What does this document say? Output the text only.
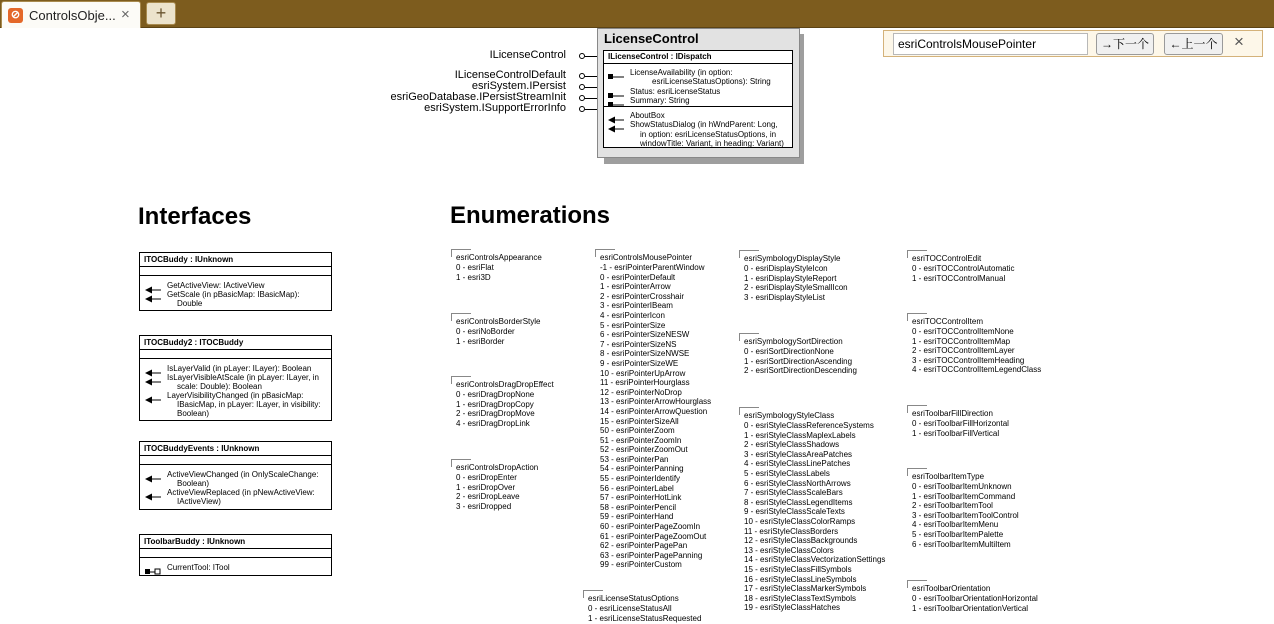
⊘ ControlsObje... ×	+
esriControlsMousePointer
→下一个	←上一个 ×
ILicenseControl
ILicenseControlDefault
esriSystem.IPersist
esriGeoDatabase.IPersistStreamInit
esriSystem.ISupportErrorInfo
LicenseControl
ILicenseControl : IDispatch
LicenseAvailability (in option:
esriLicenseStatusOptions): String
Status: esriLicenseStatus
Summary: String
AboutBox
ShowStatusDialog (in hWndParent: Long,
in option: esriLicenseStatusOptions, in
windowTitle: Variant, in heading: Variant)
Interfaces	Enumerations
ITOCBuddy : IUnknown
GetActiveView: IActiveView
GetScale (in pBasicMap: IBasicMap):
Double
ITOCBuddy2 : ITOCBuddy
IsLayerValid (in pLayer: ILayer): Boolean
IsLayerVisibleAtScale (in pLayer: ILayer, in
scale: Double): Boolean
LayerVisibilityChanged (in pBasicMap:
IBasicMap, in pLayer: ILayer, in visibility:
Boolean)
ITOCBuddyEvents : IUnknown
ActiveViewChanged (in OnlyScaleChange:
Boolean)
ActiveViewReplaced (in pNewActiveView:
IActiveView)
IToolbarBuddy : IUnknown
CurrentTool: ITool
esriControlsAppearance
0 - esriFlat
1 - esri3D
esriControlsBorderStyle
0 - esriNoBorder
1 - esriBorder
esriControlsDragDropEffect
0 - esriDragDropNone
1 - esriDragDropCopy
2 - esriDragDropMove
4 - esriDragDropLink
esriControlsDropAction
0 - esriDropEnter
1 - esriDropOver
2 - esriDropLeave
3 - esriDropped
esriControlsMousePointer
-1 - esriPointerParentWindow
0 - esriPointerDefault
1 - esriPointerArrow
2 - esriPointerCrosshair
3 - esriPointerIBeam
4 - esriPointerIcon
5 - esriPointerSize
6 - esriPointerSizeNESW
7 - esriPointerSizeNS
8 - esriPointerSizeNWSE
9 - esriPointerSizeWE
10 - esriPointerUpArrow
11 - esriPointerHourglass
12 - esriPointerNoDrop
13 - esriPointerArrowHourglass
14 - esriPointerArrowQuestion
15 - esriPointerSizeAll
50 - esriPointerZoom
51 - esriPointerZoomIn
52 - esriPointerZoomOut
53 - esriPointerPan
54 - esriPointerPanning
55 - esriPointerIdentify
56 - esriPointerLabel
57 - esriPointerHotLink
58 - esriPointerPencil
59 - esriPointerHand
60 - esriPointerPageZoomIn
61 - esriPointerPageZoomOut
62 - esriPointerPagePan
63 - esriPointerPagePanning
99 - esriPointerCustom
esriLicenseStatusOptions
0 - esriLicenseStatusAll
1 - esriLicenseStatusRequested
esriSymbologyDisplayStyle
0 - esriDisplayStyleIcon
1 - esriDisplayStyleReport
2 - esriDisplayStyleSmallIcon
3 - esriDisplayStyleList
esriSymbologySortDirection
0 - esriSortDirectionNone
1 - esriSortDirectionAscending
2 - esriSortDirectionDescending
esriSymbologyStyleClass
0 - esriStyleClassReferenceSystems
1 - esriStyleClassMaplexLabels
2 - esriStyleClassShadows
3 - esriStyleClassAreaPatches
4 - esriStyleClassLinePatches
5 - esriStyleClassLabels
6 - esriStyleClassNorthArrows
7 - esriStyleClassScaleBars
8 - esriStyleClassLegendItems
9 - esriStyleClassScaleTexts
10 - esriStyleClassColorRamps
11 - esriStyleClassBorders
12 - esriStyleClassBackgrounds
13 - esriStyleClassColors
14 - esriStyleClassVectorizationSettings
15 - esriStyleClassFillSymbols
16 - esriStyleClassLineSymbols
17 - esriStyleClassMarkerSymbols
18 - esriStyleClassTextSymbols
19 - esriStyleClassHatches
esriTOCControlEdit
0 - esriTOCControlAutomatic
1 - esriTOCControlManual
esriTOCControlItem
0 - esriTOCControlItemNone
1 - esriTOCControlItemMap
2 - esriTOCControlItemLayer
3 - esriTOCControlItemHeading
4 - esriTOCControlItemLegendClass
esriToolbarFillDirection
0 - esriToolbarFillHorizontal
1 - esriToolbarFillVertical
esriToolbarItemType
0 - esriToolbarItemUnknown
1 - esriToolbarItemCommand
2 - esriToolbarItemTool
3 - esriToolbarItemToolControl
4 - esriToolbarItemMenu
5 - esriToolbarItemPalette
6 - esriToolbarItemMultiItem
esriToolbarOrientation
0 - esriToolbarOrientationHorizontal
1 - esriToolbarOrientationVertical
